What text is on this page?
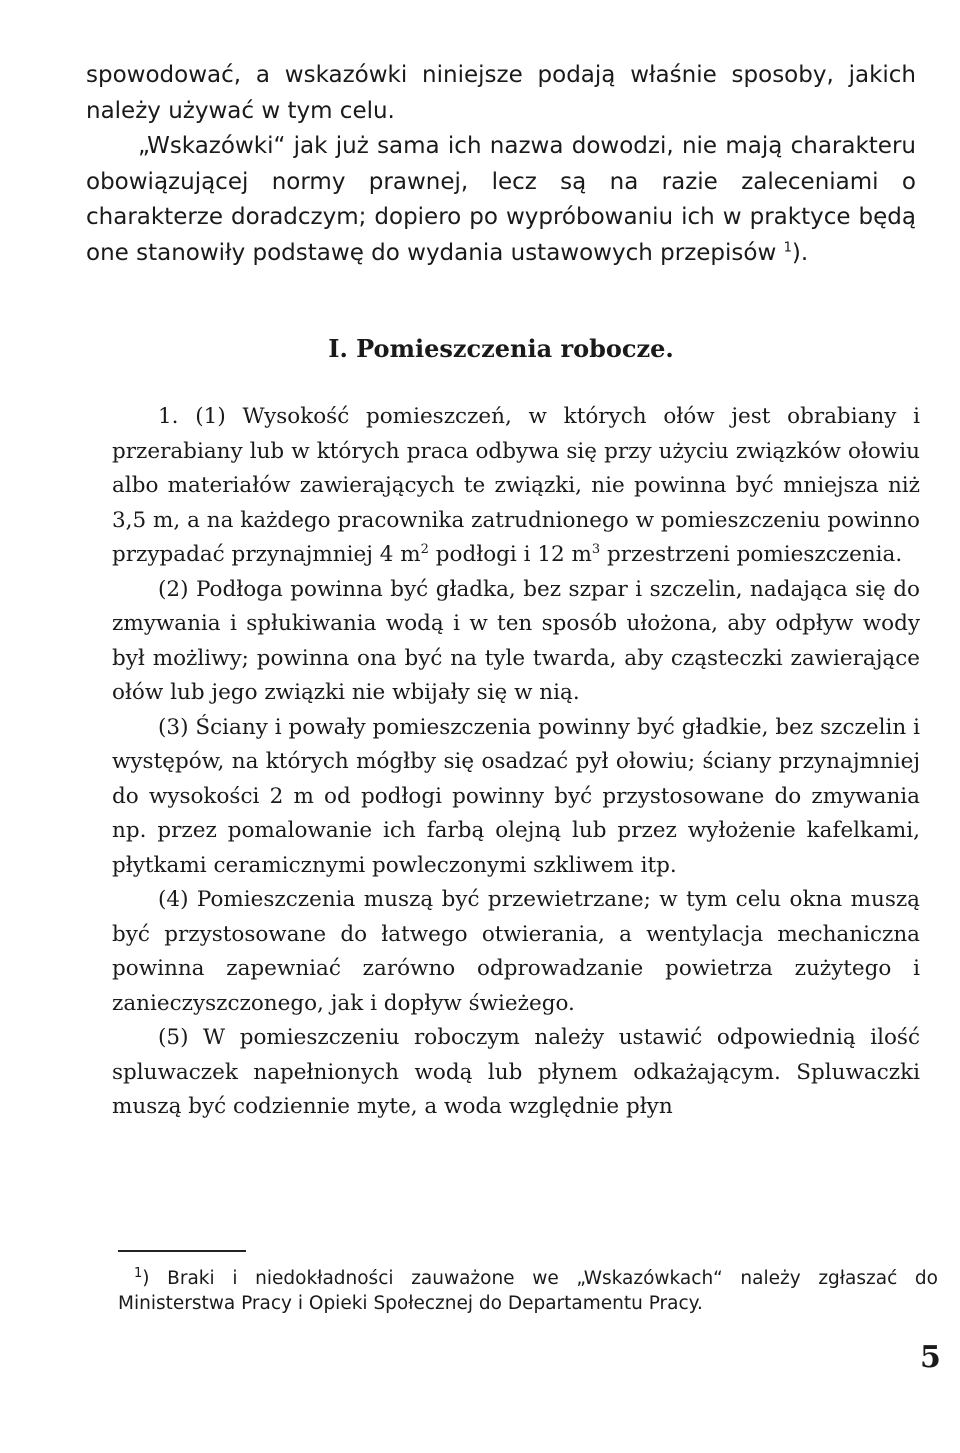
spowodować, a wskazówki niniejsze podają właśnie sposoby, jakich należy używać w tym celu.

„Wskazówki“ jak już sama ich nazwa dowodzi, nie mają charakteru obowiązującej normy prawnej, lecz są na razie zaleceniami o charakterze doradczym; dopiero po wypróbowaniu ich w praktyce będą one stanowiły podstawę do wydania ustawowych przepisów $^1$).

I. Pomieszczenia robocze.

1. (1) Wysokość pomieszczeń, w których ołów jest obrabiany i przerabiany lub w których praca odbywa się przy użyciu związków ołowiu albo materiałów zawierających te związki, nie powinna być mniejsza niż 3,5 m, a na każdego pracownika zatrudnionego w pomieszczeniu powinno przypadać przynajmniej 4 $m^2$ podłogi i 12 $m^3$ przestrzeni pomieszczenia.

(2) Podłoga powinna być gładka, bez szpar i szczelin, nadająca się do zmywania i spłukiwania wodą i w ten sposób ułożona, aby odpływ wody był możliwy; powinna ona być na tyle twarda, aby cząsteczki zawierające ołów lub jego związki nie wbijały się w nią.

(3) Ściany i powały pomieszczenia powinny być gładkie, bez szczelin i występów, na których mógłby się osadzać pył ołowiu; ściany przynajmniej do wysokości 2 m od podłogi powinny być przystosowane do zmywania np. przez pomalowanie ich farbą olejną lub przez wyłożenie kafelkami, płytkami ceramicznymi powleczonymi szkliwem itp.

(4) Pomieszczenia muszą być przewietrzane; w tym celu okna muszą być przystosowane do łatwego otwierania, a wentylacja mechaniczna powinna zapewniać zarówno odprowadzanie powietrza zużytego i zanieczyszczonego, jak i dopływ świeżego.

(5) W pomieszczeniu roboczym należy ustawić odpowiednią ilość spluwaczek napełnionych wodą lub płynem odkażającym. Spluwaczki muszą być codziennie myte, a woda względnie płyn

$^1$) Braki i niedokładności zauważone we „Wskazówkach“ należy zgłaszać do Ministerstwa Pracy i Opieki Społecznej do Departamentu Pracy.

5
